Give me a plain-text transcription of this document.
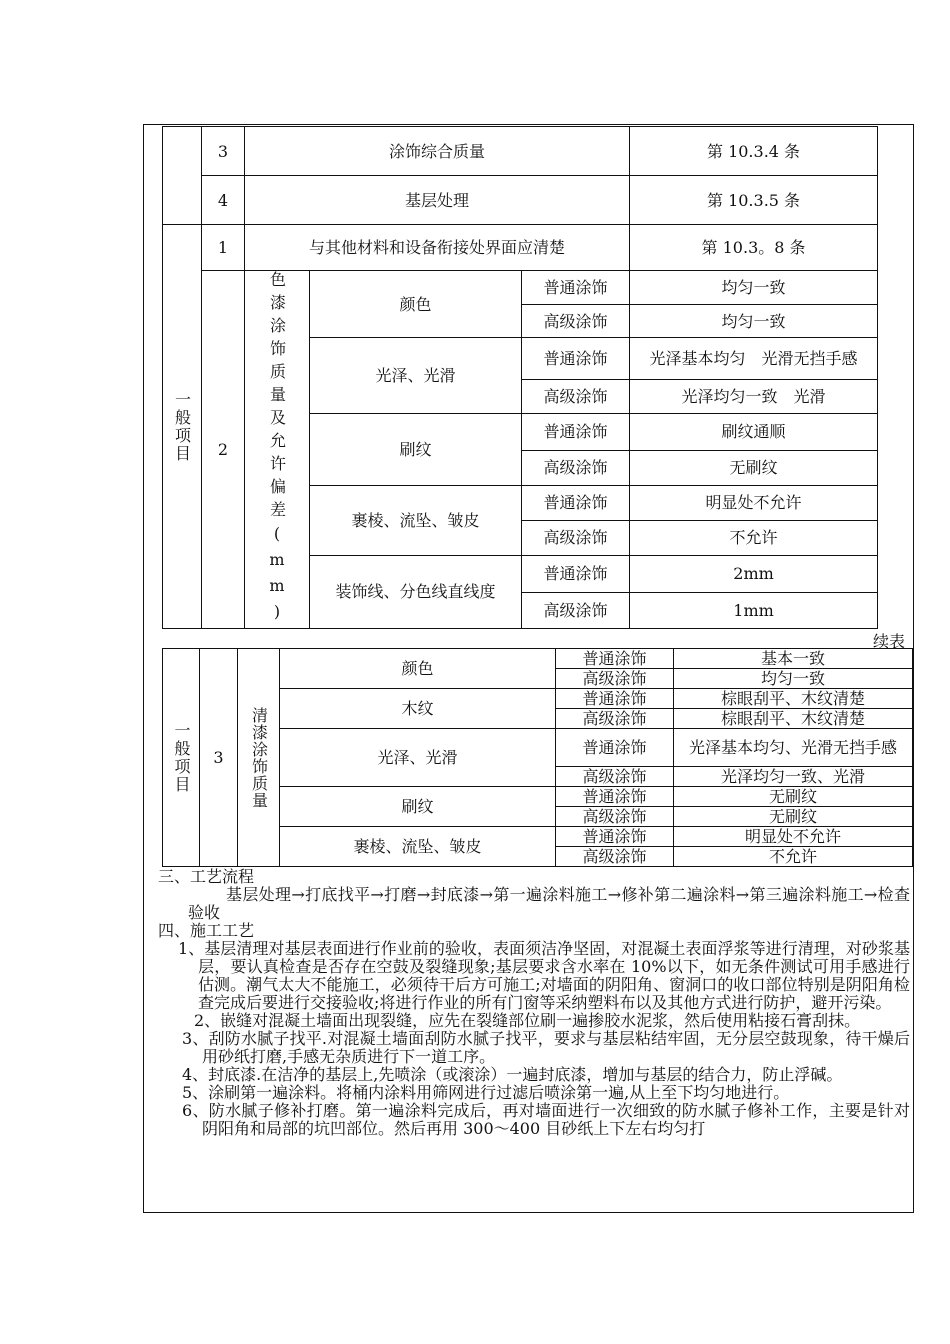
	3	涂饰综合质量			第 10.3.4 条
	4	基层处理			第 10.3.5 条

一般项目	1	与其他材料和设备衔接处界面应清楚			第 10.3。8 条
	2	色漆涂饰质量及允许偏差(mm)	颜色	普通涂饰	均匀一致
				高级涂饰	均匀一致
			光泽、光滑	普通涂饰	光泽基本均匀　光滑无挡手感
				高级涂饰	光泽均匀一致　光滑
			刷纹	普通涂饰	刷纹通顺
				高级涂饰	无刷纹
			裹棱、流坠、皱皮	普通涂饰	明显处不允许
				高级涂饰	不允许
			装饰线、分色线直线度	普通涂饰	2mm
				高级涂饰	1mm
续表
一般项目	3	清漆涂饰质量	颜色	普通涂饰	基本一致
				高级涂饰	均匀一致
			木纹	普通涂饰	棕眼刮平、木纹清楚
				高级涂饰	棕眼刮平、木纹清楚
			光泽、光滑	普通涂饰	光泽基本均匀、光滑无挡手感
				高级涂饰	光泽均匀一致、光滑
			刷纹	普通涂饰	无刷纹
				高级涂饰	无刷纹
			裹棱、流坠、皱皮	普通涂饰	明显处不允许
				高级涂饰	不允许

三、工艺流程

基层处理→打底找平→打磨→封底漆→第一遍涂料施工→修补第二遍涂料→第三遍涂料施工→检查验收

四、施工工艺

1、基层清理对基层表面进行作业前的验收，表面须洁净坚固，对混凝土表面浮浆等进行清理，对砂浆基层，要认真检查是否存在空鼓及裂缝现象;基层要求含水率在 10%以下，如无条件测试可用手感进行估测。潮气太大不能施工，必须待干后方可施工;对墙面的阴阳角、窗洞口的收口部位特别是阴阳角检查完成后要进行交接验收;将进行作业的所有门窗等采纳塑料布以及其他方式进行防护，避开污染。

2、嵌缝对混凝土墙面出现裂缝，应先在裂缝部位刷一遍掺胶水泥浆，然后使用粘接石膏刮抹。

3、刮防水腻子找平.对混凝土墙面刮防水腻子找平，要求与基层粘结牢固，无分层空鼓现象，待干燥后用砂纸打磨,手感无杂质进行下一道工序。

4、封底漆.在洁净的基层上,先喷涂（或滚涂）一遍封底漆，增加与基层的结合力，防止浮碱。

5、涂刷第一遍涂料。将桶内涂料用筛网进行过滤后喷涂第一遍,从上至下均匀地进行。

6、防水腻子修补打磨。第一遍涂料完成后，再对墙面进行一次细致的防水腻子修补工作，主要是针对阴阳角和局部的坑凹部位。然后再用 300～400 目砂纸上下左右均匀打
